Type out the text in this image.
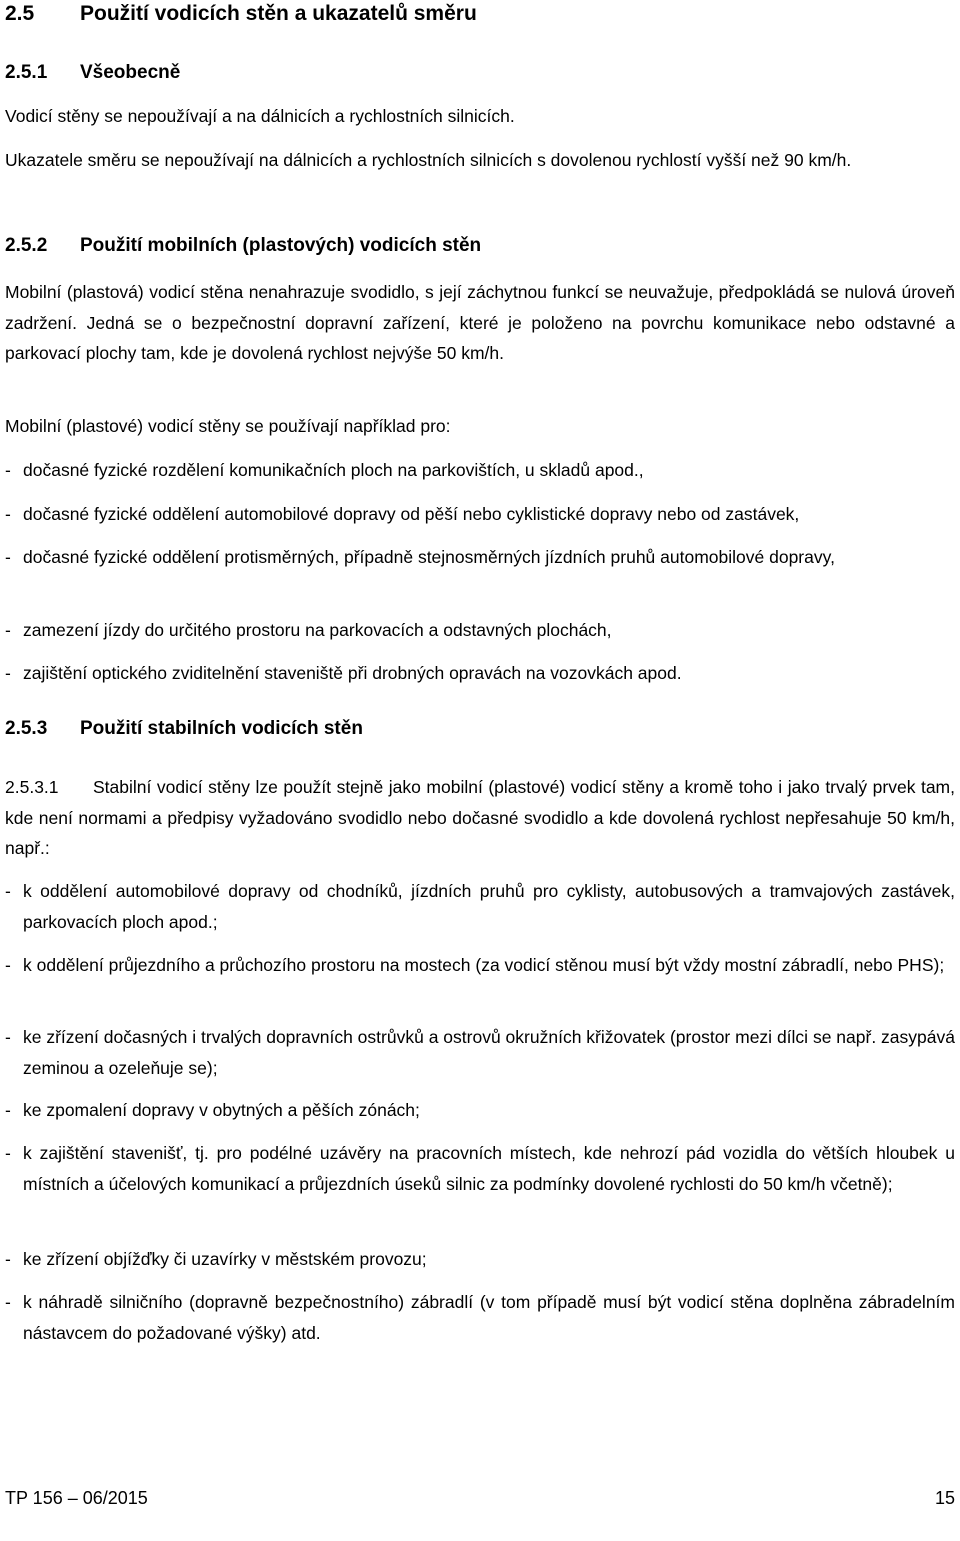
2.5 Použití vodicích stěn a ukazatelů směru
2.5.1 Všeobecně

Vodicí stěny se nepoužívají a na dálnicích a rychlostních silnicích.

Ukazatele směru se nepoužívají na dálnicích a rychlostních silnicích s dovolenou rychlostí vyšší než 90 km/h.

2.5.2 Použití mobilních (plastových) vodicích stěn

Mobilní (plastová) vodicí stěna nenahrazuje svodidlo, s její záchytnou funkcí se neuvažuje, předpokládá se nulová úroveň zadržení. Jedná se o bezpečnostní dopravní zařízení, které je položeno na povrchu komunikace nebo odstavné a parkovací plochy tam, kde je dovolená rychlost nejvýše 50 km/h.

Mobilní (plastové) vodicí stěny se používají například pro:

- dočasné fyzické rozdělení komunikačních ploch na parkovištích, u skladů apod.,
- dočasné fyzické oddělení automobilové dopravy od pěší nebo cyklistické dopravy nebo od zastávek,
- dočasné fyzické oddělení protisměrných, případně stejnosměrných jízdních pruhů automobilové dopravy,
- zamezení jízdy do určitého prostoru na parkovacích a odstavných plochách,
- zajištění optického zviditelnění staveniště při drobných opravách na vozovkách apod.
2.5.3 Použití stabilních vodicích stěn

2.5.3.1 Stabilní vodicí stěny lze použít stejně jako mobilní (plastové) vodicí stěny a kromě toho i jako trvalý prvek tam, kde není normami a předpisy vyžadováno svodidlo nebo dočasné svodidlo a kde dovolená rychlost nepřesahuje 50 km/h, např.:

- k oddělení automobilové dopravy od chodníků, jízdních pruhů pro cyklisty, autobusových a tramvajových zastávek, parkovacích ploch apod.;
- k oddělení průjezdního a průchozího prostoru na mostech (za vodicí stěnou musí být vždy mostní zábradlí, nebo PHS);
- ke zřízení dočasných i trvalých dopravních ostrůvků a ostrovů okružních křižovatek (prostor mezi dílci se např. zasypává zeminou a ozeleňuje se);
- ke zpomalení dopravy v obytných a pěších zónách;
- k zajištění stavenišť, tj. pro podélné uzávěry na pracovních místech, kde nehrozí pád vozidla do větších hloubek u místních a účelových komunikací a průjezdních úseků silnic za podmínky dovolené rychlosti do 50 km/h včetně);
- ke zřízení objížďky či uzavírky v městském provozu;
- k náhradě silničního (dopravně bezpečnostního) zábradlí (v tom případě musí být vodicí stěna doplněna zábradelním nástavcem do požadované výšky) atd.
TP 156 – 06/2015	15
